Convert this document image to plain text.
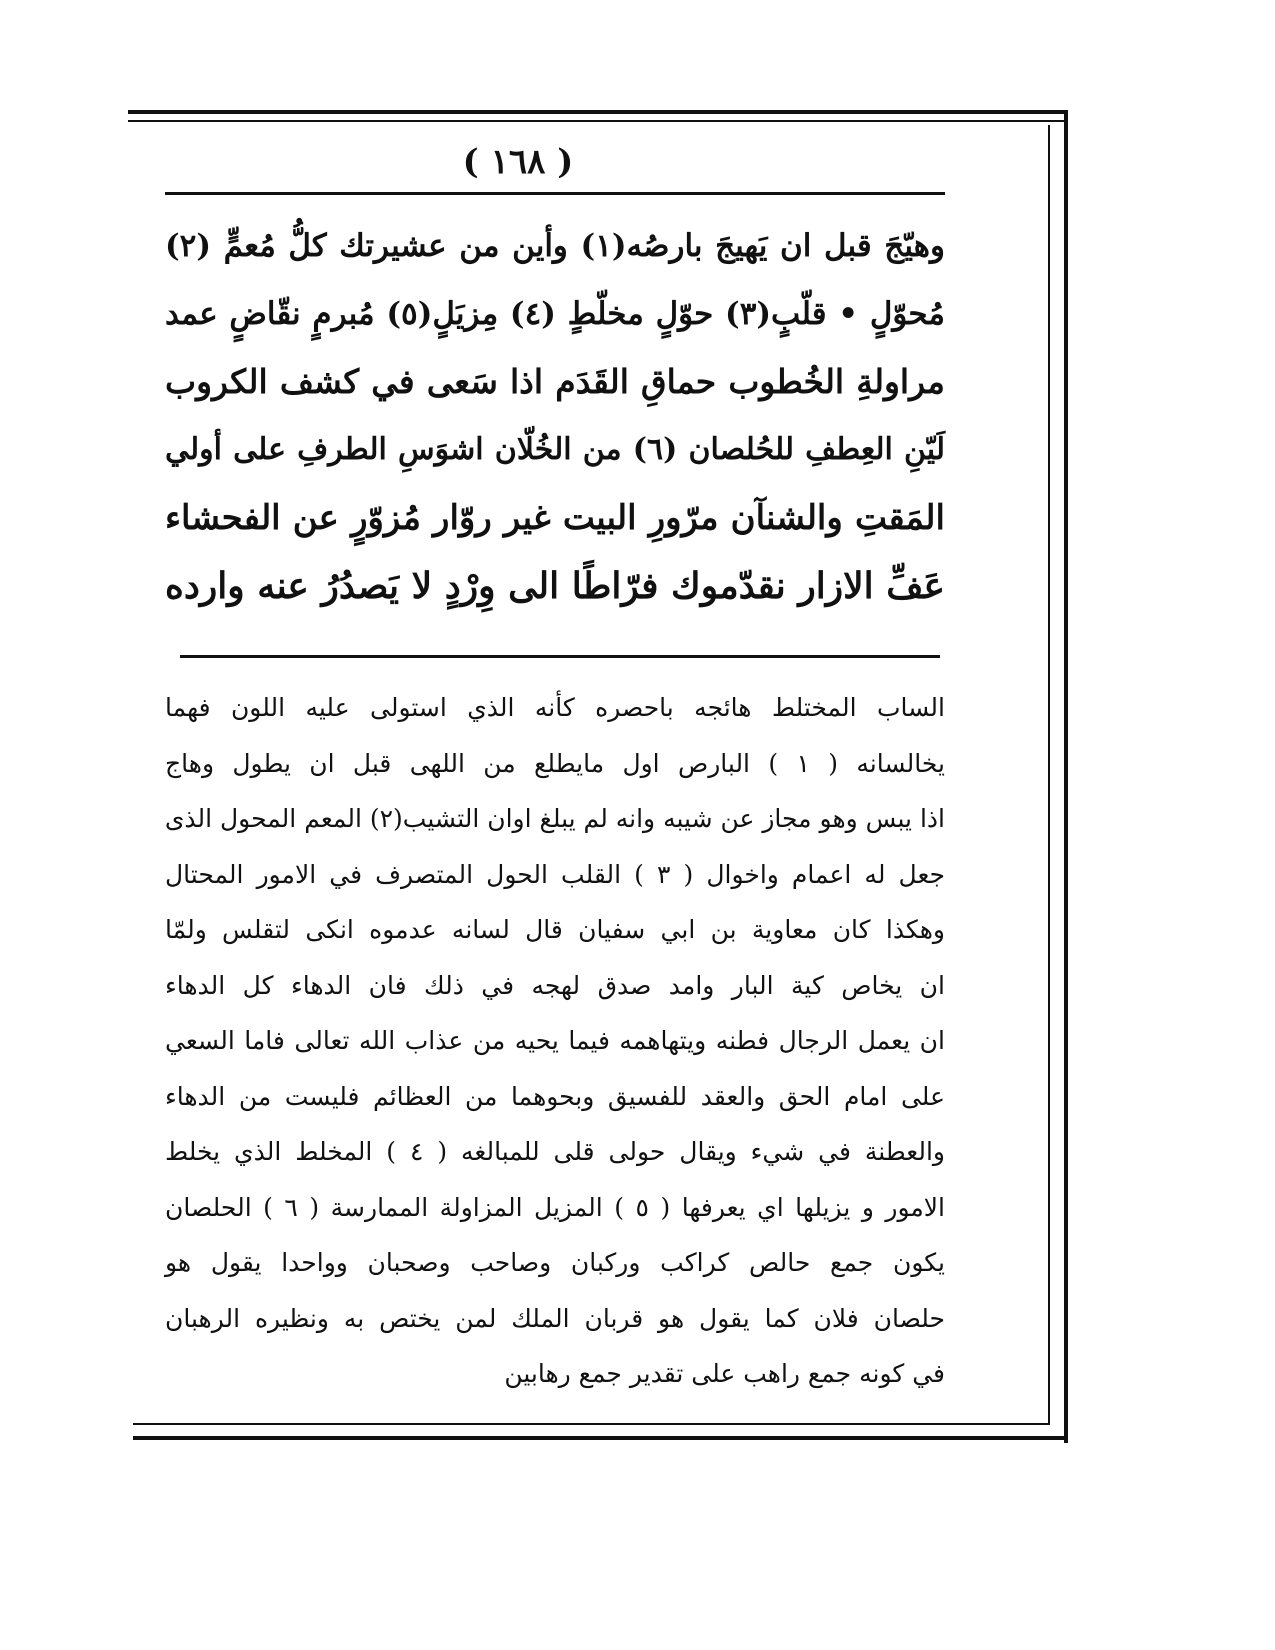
( ١٦٨ )
وهيّجَ قبل ان يَهيجَ بارصُه(١) وأين من عشيرتك كلُّ مُعمٍّ (٢)
مُحوّلٍ • قلّبٍ(٣) حوّلٍ مخلّطٍ (٤) مِزيَلٍ(٥) مُبرمٍ نقّاضٍ عمد
مراولةِ الخُطوب حماقِ القَدَم اذا سَعى في كشف الكروب
لَيّنِ العِطفِ للحُلصان (٦) من الخُلّان اشوَسِ الطرفِ على أولي
المَقتِ والشنآن مرّورِ البيت غير روّار مُزوّرٍ عن الفحشاء
عَفِّ الازار نقدّموك فرّاطًا الى وِرْدٍ لا يَصدُرُ عنه وارده
الساب المختلط هائجه باحصره كأنه الذي استولى عليه اللون فهما
يخالسانه ( ١ ) البارص اول مايطلع من اللهى قبل ان يطول وهاج
اذا يبس وهو مجاز عن شيبه وانه لم يبلغ اوان التشيب(٢) المعم المحول الذى
جعل له اعمام واخوال ( ٣ ) القلب الحول المتصرف في الامور المحتال
وهكذا كان معاوية بن ابي سفيان قال لسانه عدموه انكى لتقلس ولمّا
ان يخاص كية البار وامد صدق لهجه في ذلك فان الدهاء كل الدهاء
ان يعمل الرجال فطنه ويتهاهمه فيما يحيه من عذاب الله تعالى فاما السعي
على امام الحق والعقد للفسيق وبحوهما من العظائم فليست من الدهاء
والعطنة في شيء ويقال حولى قلى للمبالغه ( ٤ ) المخلط الذي يخلط
الامور و يزيلها اي يعرفها ( ٥ ) المزيل المزاولة الممارسة ( ٦ ) الحلصان
يكون جمع حالص كراكب وركبان وصاحب وصحبان وواحدا يقول هو
حلصان فلان كما يقول هو قربان الملك لمن يختص به ونظيره الرهبان
في كونه جمع راهب على تقدير جمع رهابين
